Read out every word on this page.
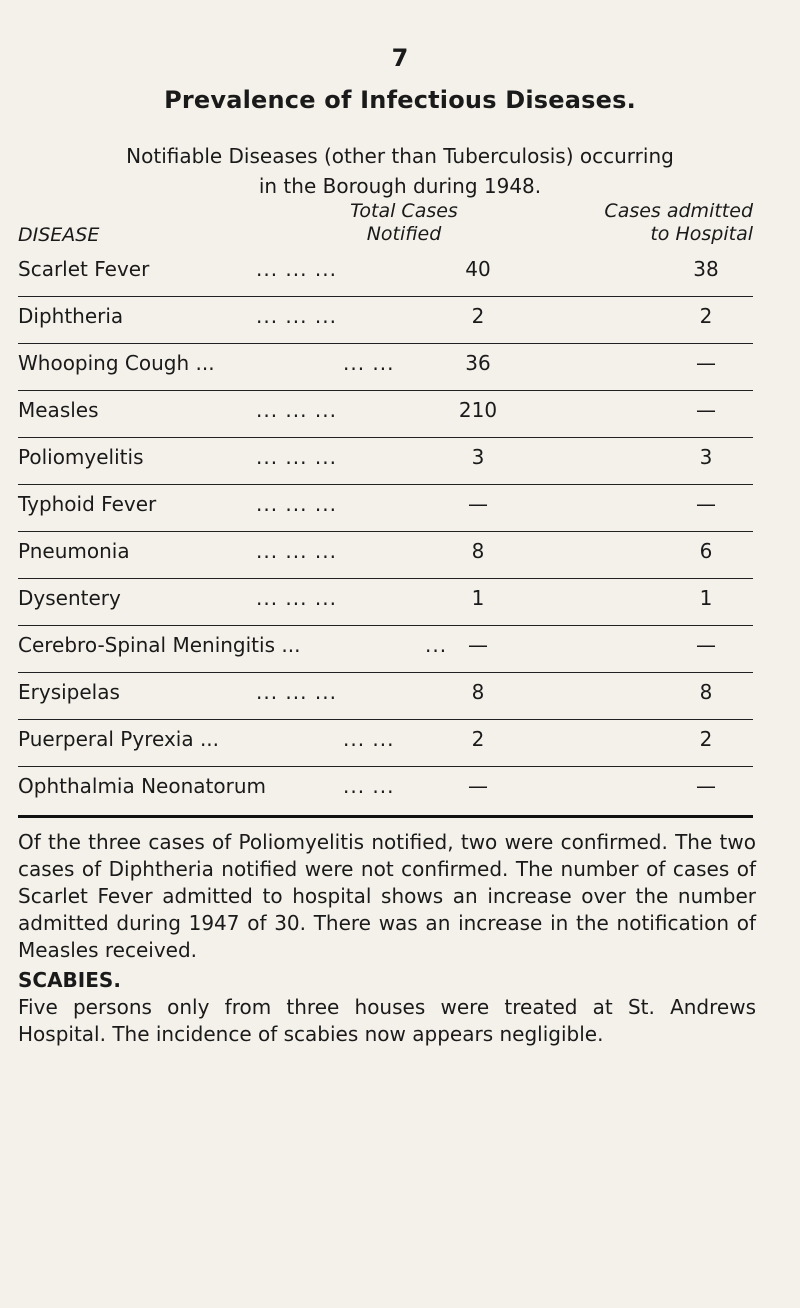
7
Prevalence of Infectious Diseases.
Notifiable Diseases (other than Tuberculosis) occurring
in the Borough during 1948.
DISEASE
Total Cases
Notified
Cases admitted
to Hospital
Scarlet Fever	... ... ...	40	38
Diphtheria	... ... ...	2	2
Whooping Cough ...	... ...	36	—
Measles	... ... ...	210	—
Poliomyelitis	... ... ...	3	3
Typhoid Fever	... ... ...	—	—
Pneumonia	... ... ...	8	6
Dysentery	... ... ...	1	1
Cerebro-Spinal Meningitis ...	...	—	—
Erysipelas	... ... ...	8	8
Puerperal Pyrexia ...	... ...	2	2
Ophthalmia Neonatorum	... ...	—	—
Of the three cases of Poliomyelitis notified, two were confirmed. The two cases of Diphtheria notified were not confirmed. The number of cases of Scarlet Fever admitted to hospital shows an increase over the number admitted during 1947 of 30. There was an increase in the notification of Measles received.
SCABIES.
Five persons only from three houses were treated at St. Andrews Hospital. The incidence of scabies now appears negligible.
